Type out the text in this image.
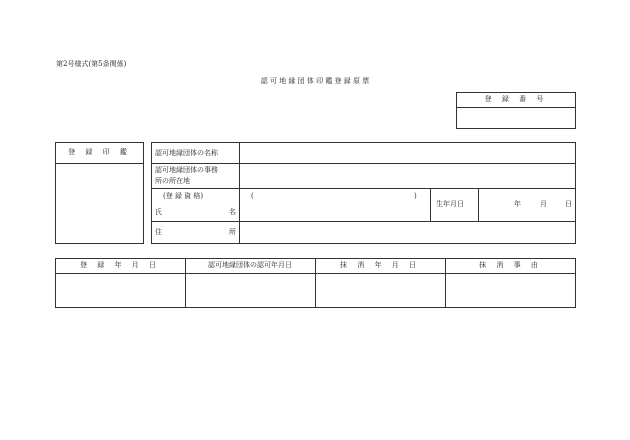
第2号様式(第5条関係)
認 可 地 縁 団 体 印 鑑 登 録 原 票
登 録 番 号
登 録 印 鑑	認可地縁団体の名称
認可地縁団体の事務
所の所在地
(登 録 資 格)
氏	名
(	)
生年月日	年	月	日
住	所
登 録 年 月 日	認可地縁団体の認可年月日	抹 消 年 月 日	抹 消 事 由
